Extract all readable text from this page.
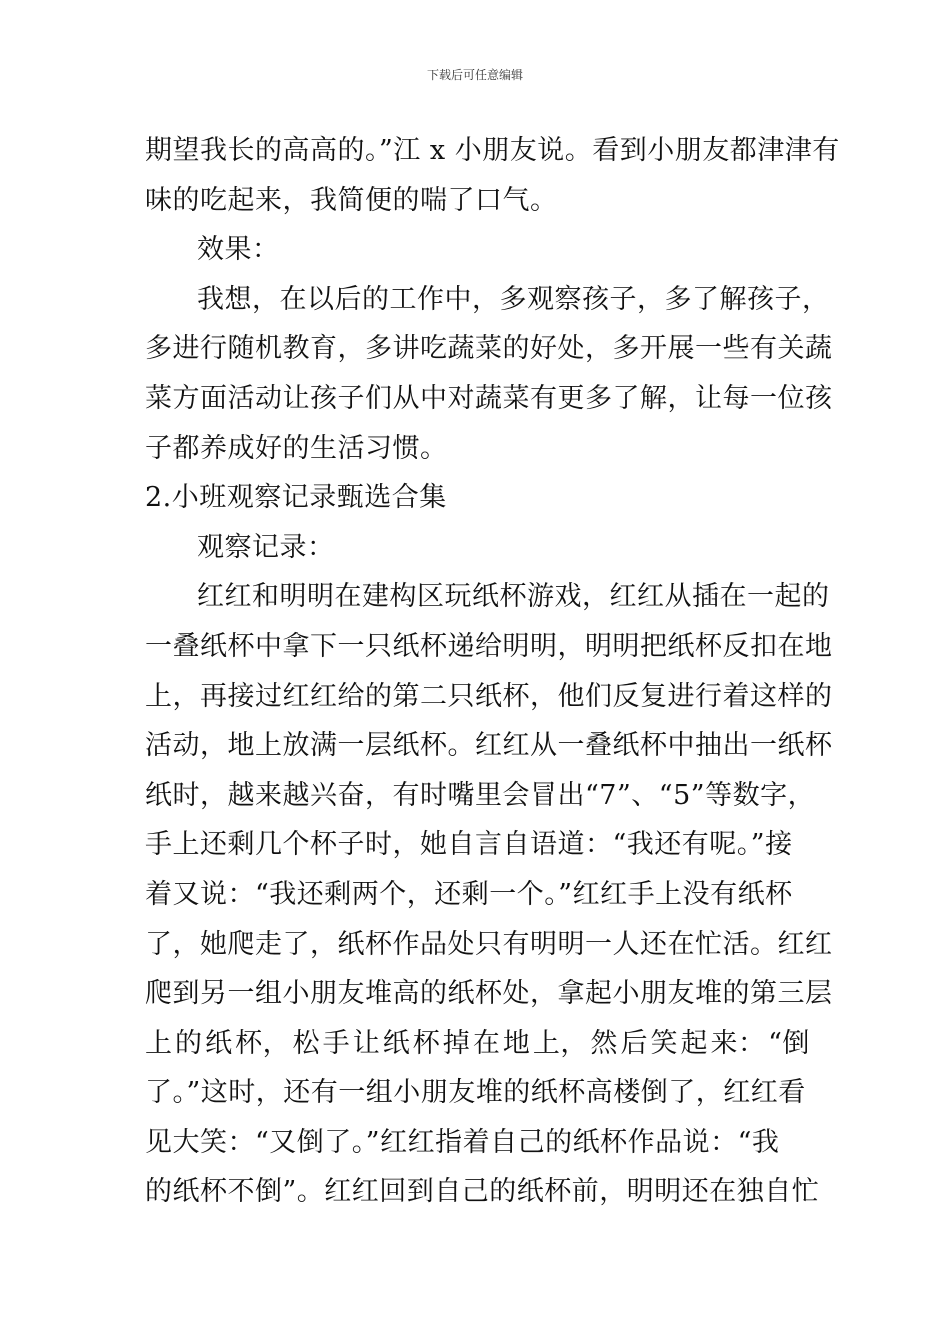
下载后可任意编辑
期望我长的高高的。”江 x 小朋友说。看到小朋友都津津有
味的吃起来，我简便的喘了口气。
效果：
我想，在以后的工作中，多观察孩子，多了解孩子，
多进行随机教育，多讲吃蔬菜的好处，多开展一些有关蔬
菜方面活动让孩子们从中对蔬菜有更多了解，让每一位孩
子都养成好的生活习惯。
2.小班观察记录甄选合集
观察记录：
红红和明明在建构区玩纸杯游戏，红红从插在一起的
一叠纸杯中拿下一只纸杯递给明明，明明把纸杯反扣在地
上，再接过红红给的第二只纸杯，他们反复进行着这样的
活动，地上放满一层纸杯。红红从一叠纸杯中抽出一纸杯
纸时，越来越兴奋，有时嘴里会冒出“7”、“5”等数字，
手上还剩几个杯子时，她自言自语道：“我还有呢。”接
着又说：“我还剩两个，还剩一个。”红红手上没有纸杯
了，她爬走了，纸杯作品处只有明明一人还在忙活。红红
爬到另一组小朋友堆高的纸杯处，拿起小朋友堆的第三层
上 的 纸 杯， 松 手 让 纸 杯 掉 在 地 上， 然 后 笑 起 来： “倒
了。”这时，还有一组小朋友堆的纸杯高楼倒了，红红看
见大笑：“又倒了。”红红指着自己的纸杯作品说：“我
的纸杯不倒”。红红回到自己的纸杯前，明明还在独自忙
